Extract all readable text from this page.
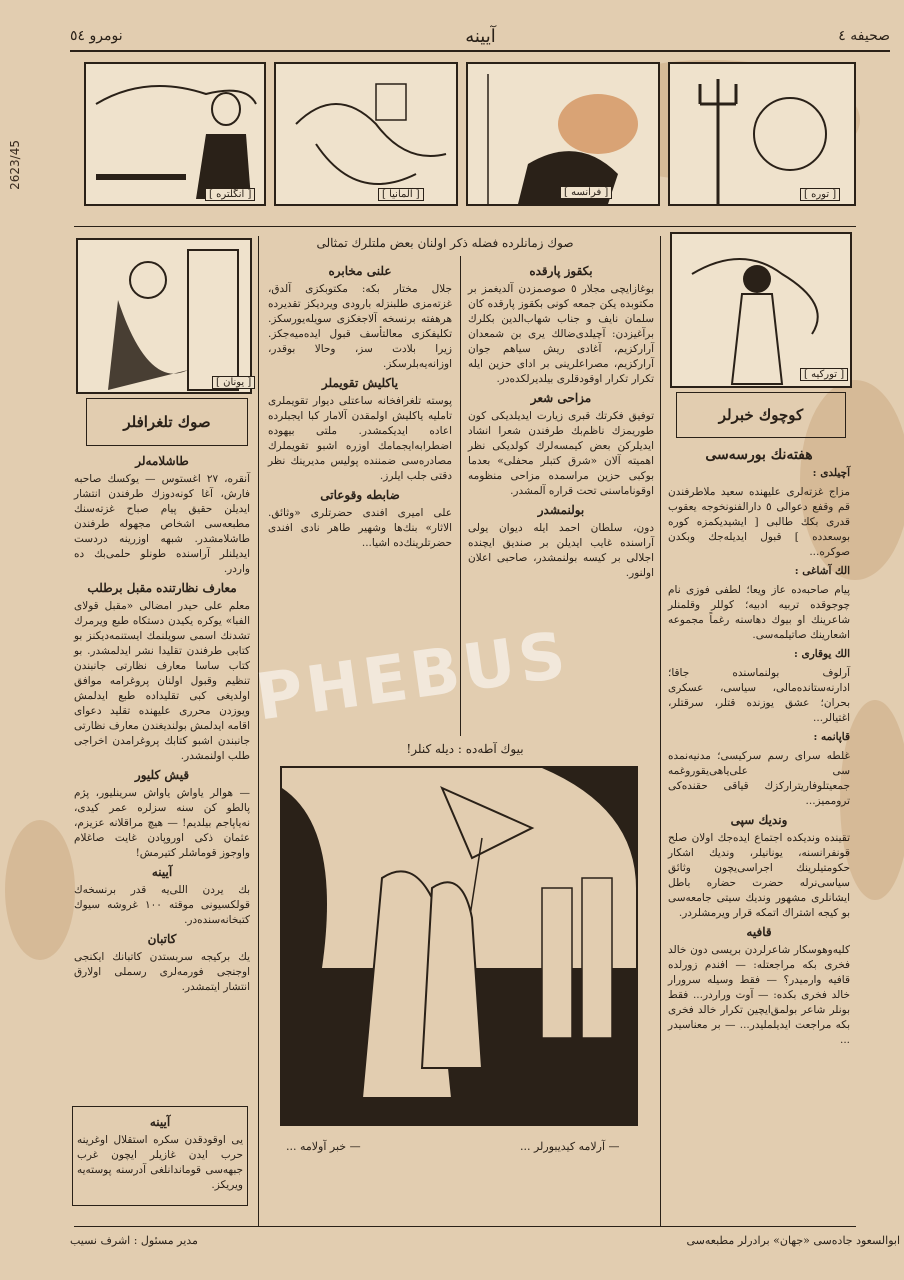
صحیفه ٤
آیینه
نومرو ٥٤
2623/45
[ انگلتره ]	[ آلمانیا ]	[ فرانسه ]	[ توره ]
صوك زمانلرده فضله ذکر اولنان بعض ملتلرك تمثالی
[ یونان ]
صوك تلغرافلر
طاشلامه‌لر

آنقره، ٢٧ اغستوس — یوکسك صاحبه فارش، آغا کونه‌دوزك طرفندن انتشار ایدیلن حقیق پیام صباح غزته‌سنك مطبعه‌سی اشخاص مجهوله طرفندن طاشلامشدر. شبهه اوزرینه دردست ایدیلنلر آراسنده طونلو حلمی‌بك ده واردر.

معارف نظارتنده مقبل برطلب

معلم علی حیدر امضالی «مقبل قولای الفبا» یوکره یکیدن دستکاه طبع ویرمرك تشدنك اسمی سویلنمك ایستنمه‌دیکنز بو کتابی طرفندن تقلیدا نشر ایدلمشدر. بو کتاب ساسا معارف نظارتی جانبندن تنظیم وقبول اولنان پروغرامه موافق اولدیغی کبی تقلیداده طبع ایدلمش ویوزدن محرری علیهنده تقلید دعوای اقامه ایدلمش بولندیغندن معارف نظارتی جانبندن اشبو کتابك پروغرامدن اخراجی طلب اولنمشدر.

قیش کلیور

— هوالر یاواش یاواش سرینلیور، پژم پالطو کن سنه سزلره عمر کیدی، نه‌یاپاجم بیلدیم! — هیچ مراقلانه عزیزم، عثمان ذکی اوروپادن غایت صاغلام واوجوز قوماشلر کتیرمش!

آیینه

بك یردن اللی‌یه قدر برنسخه‌ك قولکسیونی موقته ١٠٠ غروشه سیوك کتبخانه‌سنده‌در.

کاتبان

یك برکیجه سربستدن کاتبانك ایکنجی اوجنجی فورمه‌لری رسملی اولارق انتشار ایتمشدر.

آیینه

یی اوقودقدن سکره استقلال اوغرینه حرب ایدن غازیلر ایچون غرب جبهه‌سی قوماندانلغی آدرسنه پوسته‌یه ویریکز.

علنی مخابره

جلال مختار بکه: مکتوبکزی آلدق، غزته‌مزی طلبنزله بارودی ویردیکز تقدیرده هرهفته برنسخه آلاجغکزی سویله‌یورسکز. تکلیفکزی معالتأسف قبول ایده‌میه‌جکز. زیرا بلادت سز، وحالا بوقدر، اوزانه‌یه‌بلرسکز.

یاکلیش تقویملر

پوسته تلغرافخانه ساعتلی دیوار تقویملری تاملیه یاکلیش اولمقدن آلامار کبا ایجبلرده اعاده ایدیکمشدر. ملتی بیهوده اضطرابه‌ایجمامك اوزره اشبو تقویملرك مصادره‌سی ضمننده پولیس مدیرینك نظر دقتی جلب ایلرز.

ضابطه وقوعاتی

علی امیری افندی حضرتلری «وثائق. الاثار» بنك‌ها وشهیر طاهر نادی افندی حضرتلرینك‌ده اشیا...

بکقوز پارقده

بوغازایچی مجلار ٥ صوصمزدن آلدیغمز بر مکتوبده یکن جمعه کونی بکقوز پارقده کان سلمان نایف و جناب شهاب‌الدین بکلرك برآغیزدن: آچیلدی‌ضالك یری بن شمعدان آرارکزیم، آغادی ریش سیاهم جوان آرارکزیم، مصراعلرینی بر ادای حزین ایله تکرار تکرار اوقودقلری بیلدیرلکده‌در.

مزاحی شعر

توفیق فکرتك قبری زیارت ایدیلدیکی کون طوریمزك ناظم‌بك طرفندن شعرا انشاد ایدیلرکن بعض کیمسه‌لرك کولدیکی نظر اهمیته آلان «شرق کتبلر محفلی» بعدما بوکبی حزین مراسمده مزاحی منظومه اوقوناماسنی تحت قراره آلمشدر.

بولنمشدر

دون، سلطان احمد ایله دیوان یولی آراسنده غایب ایدیلن بر صندیق ایچنده اجلالی بر کیسه بولنمشدر، صاحبی اعلان اولنور.

بیوك آطه‌ده : دیله کنلر!
— خبر آولامه ...	— آرلامه کیدیبورلر ...
[ تورکیه ]
کوچوك خبرلر
هفته‌نك بورسه‌سی

آچیلدی :

مزاج غزته‌لری علیهنده سعید ملاطرفندن قم وقفع دعوالی ٥ دارالفنونخوجه یعقوب قدری بکك طالبی [ ایشیدیکمزه کوره بوسعدده ] قبول ایدیله‌جك وبکدن صوکره...

الك آشاغی :

پیام صاحبه‌ده عاز ویعا؛ لطفی فوزی نام چوجوقده تربیه ادبیه؛ کوللر وقلمنلر شاعرینك او بیوك دهاسنه رغماً مجموعه اشعارینك صاتیلمه‌سی.

الك یوقاری :

آرلوف بولنماسنده جاقا؛ ادارنه‌ستانده‌مالی، سیاسی، عسکری بحران؛ عشق یوزنده قتلر، سرقتلر، اغتیالر...

قاپانمه :

غلطه سرای رسم سرکیسی؛ مدنیه‌نمده سی علی‌یاهی‌یقوروغمه جمعیتلوفاریترارکزك قیاقی حقنده‌کی تروممیز...

وندیك سپی

تقینده وندیکده اجتماع ایده‌جك اولان صلح قونفرانسنه، یونانیلر، وندیك اشکار حکومتیلرینك اجراسی‌یچون وثائق سیاسی‌نرله حضرت حضاره باطل ایشانلری مشهور وندیك سیتی جامعه‌سی بو کیجه اشتراك اتمکه قرار ویرمشلردر.

قافیه

کلیه‌وهوسکار شاعرلردن بریسی دون خالد فخری بکه مراجعتله: — افندم زورلده قافیه وارمیدر؟ — فقط وسیله سرورار خالد فخری بکده: — آوت وراردر... فقط بونلر شاعر بولمق‌ایچین تکرار خالد فخری بکه مراجعت ایدیلملیدر... — بر معناسیدر ...

ابوالسعود جاده‌سی «جهان» برادرلر مطبعه‌سی
مدیر مسئول : اشرف نسیب
PHEBUS
